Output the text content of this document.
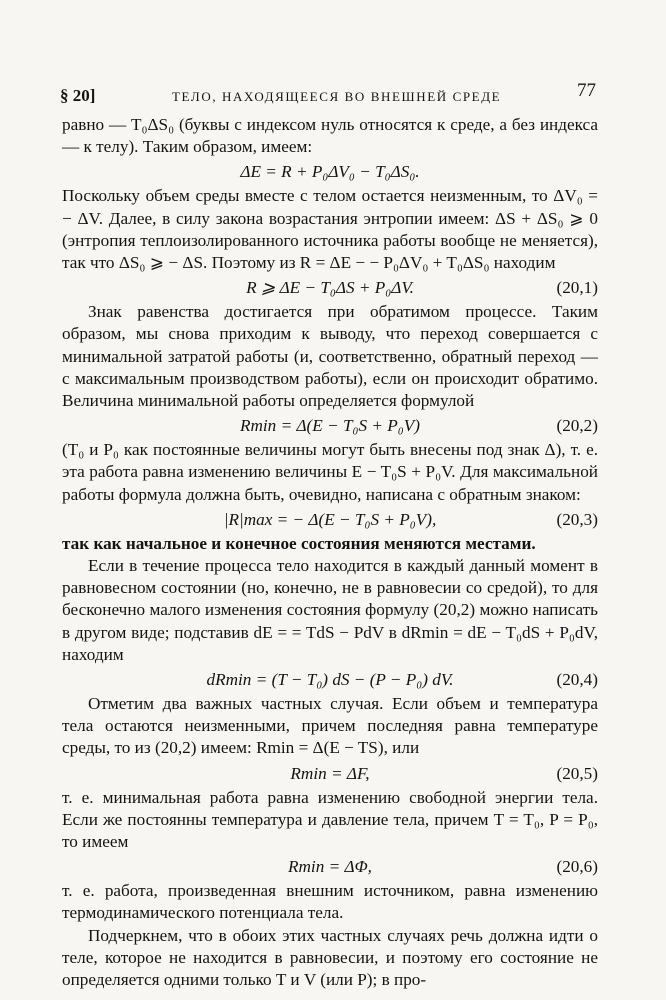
§ 20]	ТЕЛО, НАХОДЯЩЕЕСЯ ВО ВНЕШНЕЙ СРЕДЕ	77

равно — T₀ΔS₀ (буквы с индексом нуль относятся к среде, а без индекса — к телу). Таким образом, имеем:

ΔE = R + P₀ΔV₀ − T₀ΔS₀.

Поскольку объем среды вместе с телом остается неизменным, то ΔV₀ = − ΔV. Далее, в силу закона возрастания энтропии имеем: ΔS + ΔS₀ ⩾ 0 (энтропия теплоизолированного источника работы вообще не меняется), так что ΔS₀ ⩾ − ΔS. Поэтому из R = ΔE − − P₀ΔV₀ + T₀ΔS₀ находим

R ⩾ ΔE − T₀ΔS + P₀ΔV.	(20,1)

Знак равенства достигается при обратимом процессе. Таким образом, мы снова приходим к выводу, что переход совершается с минимальной затратой работы (и, соответственно, обратный переход — с максимальным производством работы), если он происходит обратимо. Величина минимальной работы определяется формулой

Rmin = Δ(E − T₀S + P₀V)	(20,2)

(T₀ и P₀ как постоянные величины могут быть внесены под знак Δ), т. е. эта работа равна изменению величины E − T₀S + P₀V. Для максимальной работы формула должна быть, очевидно, написана с обратным знаком:

|R|max = − Δ(E − T₀S + P₀V),	(20,3)

так как начальное и конечное состояния меняются местами.

Если в течение процесса тело находится в каждый данный момент в равновесном состоянии (но, конечно, не в равновесии со средой), то для бесконечно малого изменения состояния формулу (20,2) можно написать в другом виде; подставив dE = = TdS − PdV в dRmin = dE − T₀dS + P₀dV, находим

dRmin = (T − T₀) dS − (P − P₀) dV.	(20,4)

Отметим два важных частных случая. Если объем и температура тела остаются неизменными, причем последняя равна температуре среды, то из (20,2) имеем: Rmin = Δ(E − TS), или

Rmin = ΔF,	(20,5)

т. е. минимальная работа равна изменению свободной энергии тела. Если же постоянны температура и давление тела, причем T = T₀, P = P₀, то имеем

Rmin = ΔΦ,	(20,6)

т. е. работа, произведенная внешним источником, равна изменению термодинамического потенциала тела.

Подчеркнем, что в обоих этих частных случаях речь должна идти о теле, которое не находится в равновесии, и поэтому его состояние не определяется одними только T и V (или P); в про-
